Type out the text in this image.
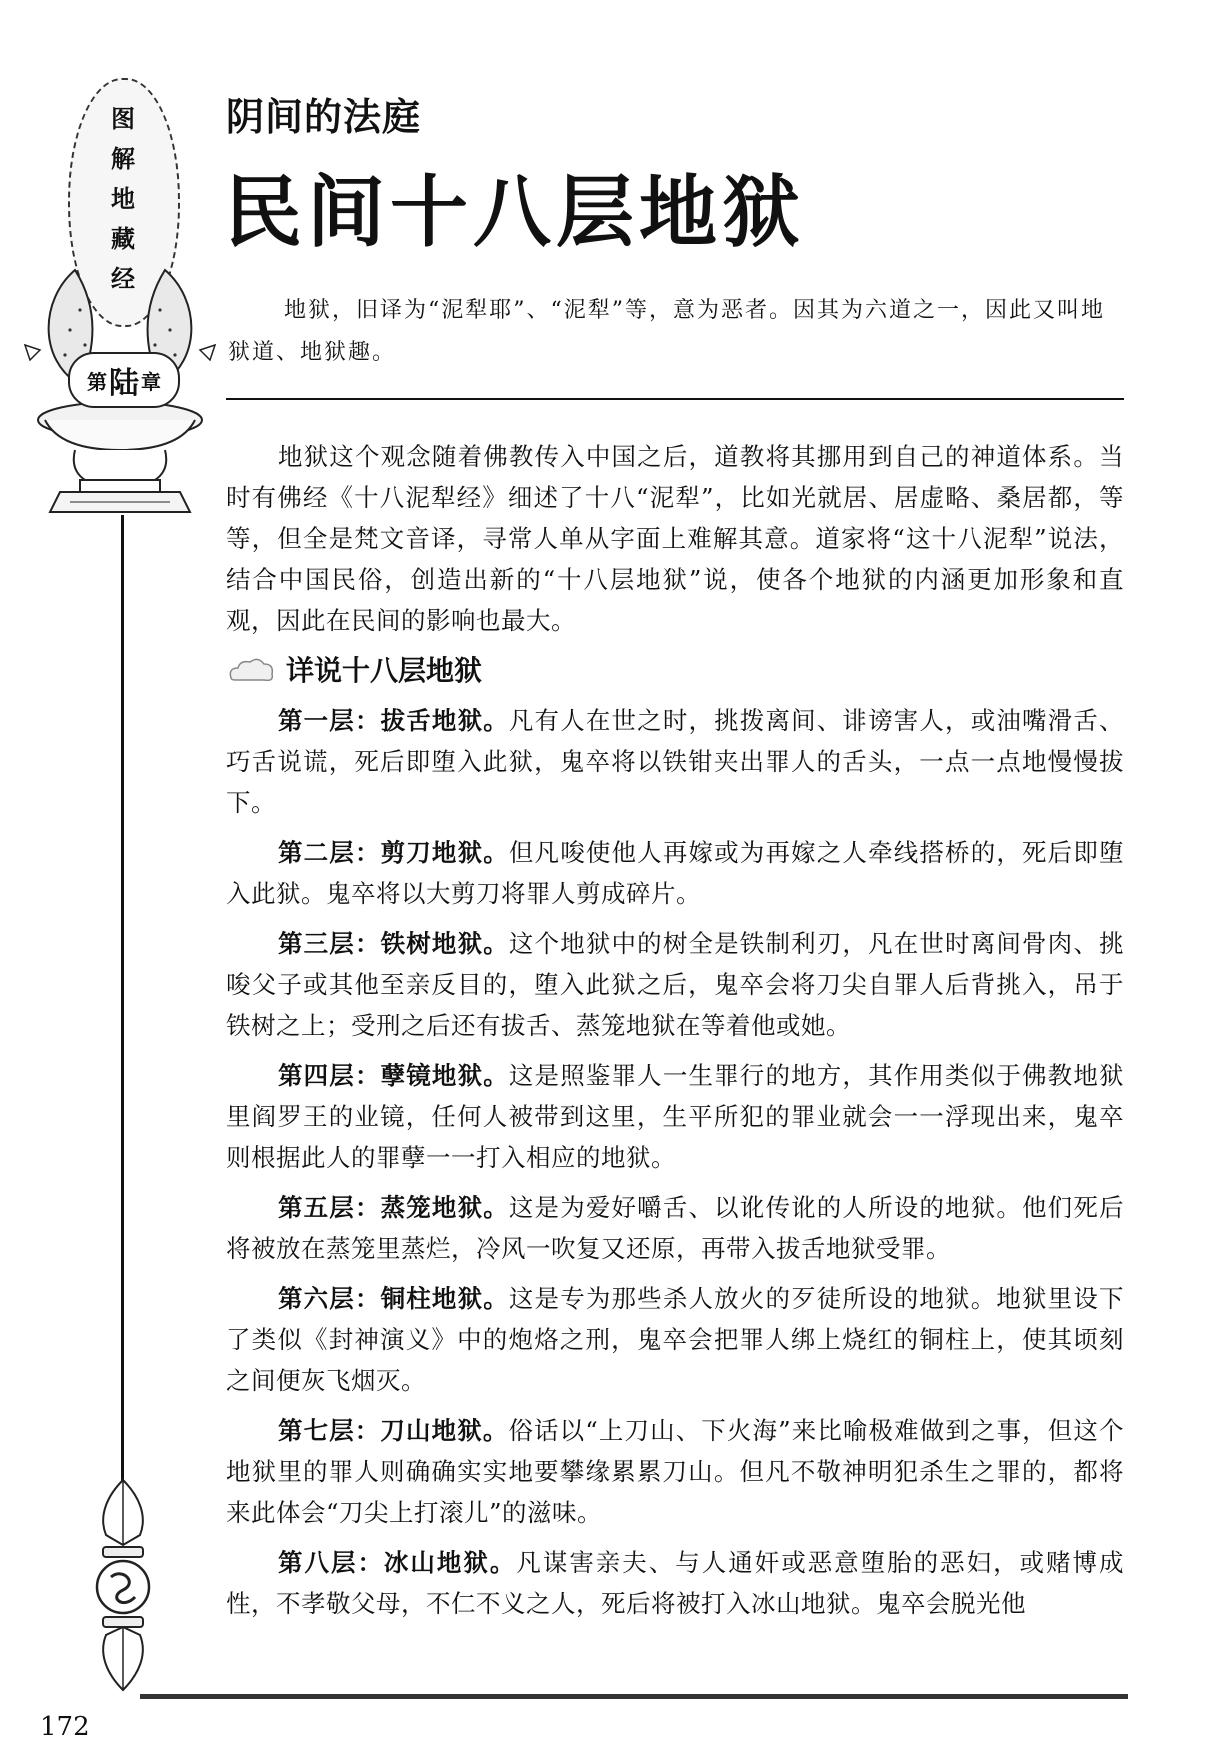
图
解
地
藏
经
第 陆 章
阴间的法庭
民间十八层地狱

地狱，旧译为“泥犁耶”、“泥犁”等，意为恶者。因其为六道之一，因此又叫地狱道、地狱趣。

地狱这个观念随着佛教传入中国之后，道教将其挪用到自己的神道体系。当时有佛经《十八泥犁经》细述了十八“泥犁”，比如光就居、居虚略、桑居都，等等，但全是梵文音译，寻常人单从字面上难解其意。道家将“这十八泥犁”说法，结合中国民俗，创造出新的“十八层地狱”说，使各个地狱的内涵更加形象和直观，因此在民间的影响也最大。

详说十八层地狱

第一层：拔舌地狱。凡有人在世之时，挑拨离间、诽谤害人，或油嘴滑舌、巧舌说谎，死后即堕入此狱，鬼卒将以铁钳夹出罪人的舌头，一点一点地慢慢拔下。

第二层：剪刀地狱。但凡唆使他人再嫁或为再嫁之人牵线搭桥的，死后即堕入此狱。鬼卒将以大剪刀将罪人剪成碎片。

第三层：铁树地狱。这个地狱中的树全是铁制利刃，凡在世时离间骨肉、挑唆父子或其他至亲反目的，堕入此狱之后，鬼卒会将刀尖自罪人后背挑入，吊于铁树之上；受刑之后还有拔舌、蒸笼地狱在等着他或她。

第四层：孽镜地狱。这是照鉴罪人一生罪行的地方，其作用类似于佛教地狱里阎罗王的业镜，任何人被带到这里，生平所犯的罪业就会一一浮现出来，鬼卒则根据此人的罪孽一一打入相应的地狱。

第五层：蒸笼地狱。这是为爱好嚼舌、以讹传讹的人所设的地狱。他们死后将被放在蒸笼里蒸烂，冷风一吹复又还原，再带入拔舌地狱受罪。

第六层：铜柱地狱。这是专为那些杀人放火的歹徒所设的地狱。地狱里设下了类似《封神演义》中的炮烙之刑，鬼卒会把罪人绑上烧红的铜柱上，使其顷刻之间便灰飞烟灭。

第七层：刀山地狱。俗话以“上刀山、下火海”来比喻极难做到之事，但这个地狱里的罪人则确确实实地要攀缘累累刀山。但凡不敬神明犯杀生之罪的，都将来此体会“刀尖上打滚儿”的滋味。

第八层：冰山地狱。凡谋害亲夫、与人通奸或恶意堕胎的恶妇，或赌博成性，不孝敬父母，不仁不义之人，死后将被打入冰山地狱。鬼卒会脱光他

172
